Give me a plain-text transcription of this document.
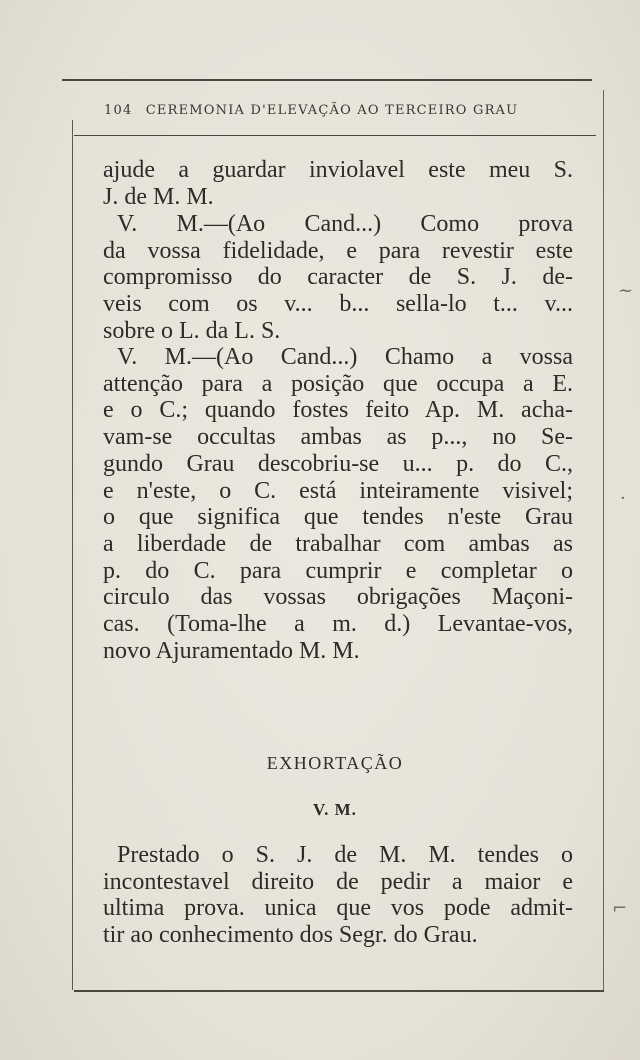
104 CEREMONIA D'ELEVAÇÃO AO TERCEIRO GRAU
ajude a guardar inviolavel este meu S.
J. de M. M.
V. M.—(Ao Cand...) Como prova
da vossa fidelidade, e para revestir este
compromisso do caracter de S. J. de-
veis com os v... b... sella-lo t... v...
sobre o L. da L. S.
V. M.—(Ao Cand...) Chamo a vossa
attenção para a posição que occupa a E.
e o C.; quando fostes feito Ap. M. acha-
vam-se occultas ambas as p..., no Se-
gundo Grau descobriu-se u... p. do C.,
e n'este, o C. está inteiramente visivel;
o que significa que tendes n'este Grau
a liberdade de trabalhar com ambas as
p. do C. para cumprir e completar o
circulo das vossas obrigações Maçoni-
cas. (Toma-lhe a m. d.) Levantae-vos,
novo Ajuramentado M. M.
EXHORTAÇÃO
V. M.
Prestado o S. J. de M. M. tendes o
incontestavel direito de pedir a maior e
ultima prova. unica que vos pode admit-
tir ao conhecimento dos Segr. do Grau.
~
·
⌐
